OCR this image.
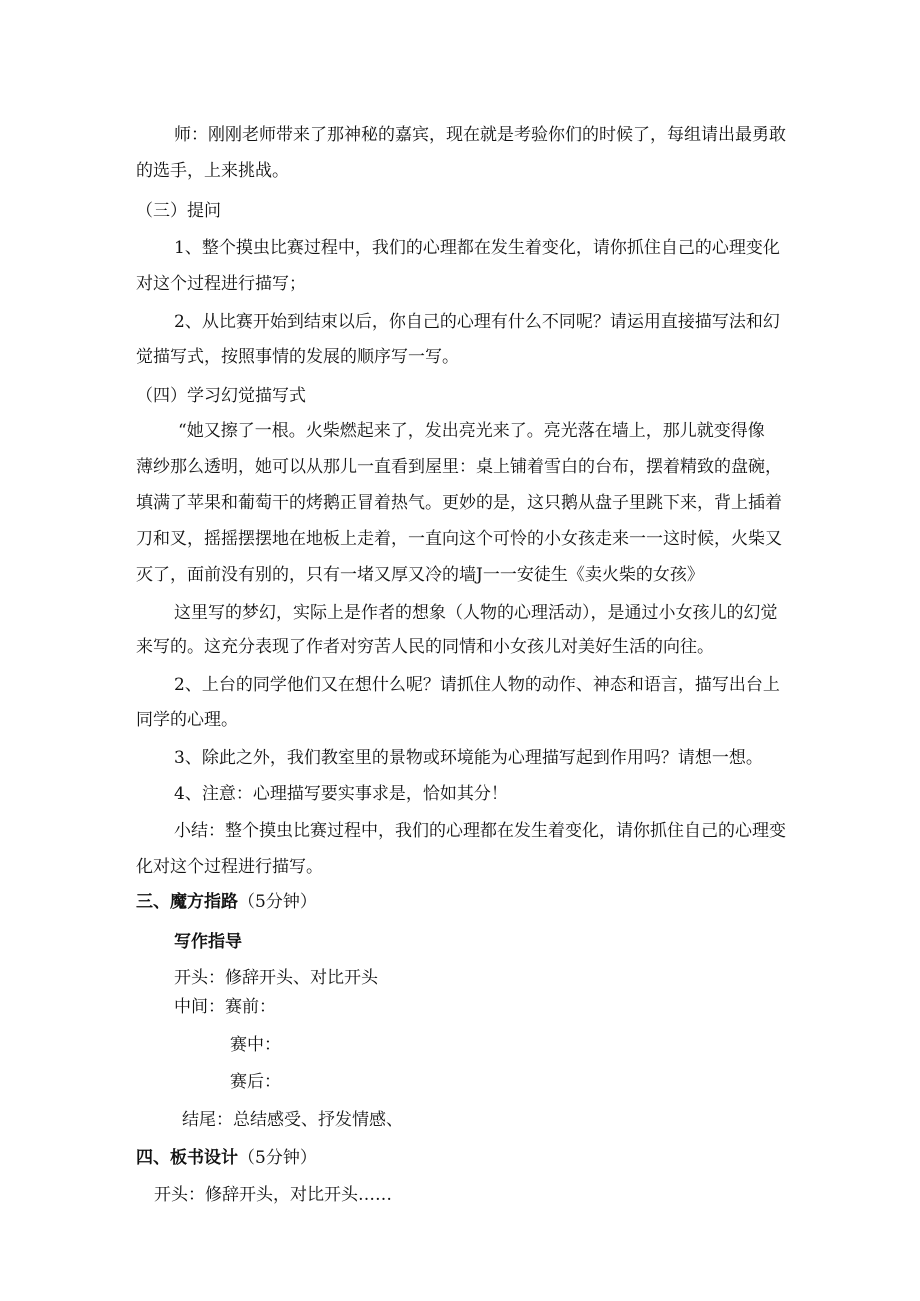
师：刚刚老师带来了那神秘的嘉宾，现在就是考验你们的时候了，每组请出最勇敢
的选手，上来挑战。
（三）提问
1、整个摸虫比赛过程中，我们的心理都在发生着变化，请你抓住自己的心理变化
对这个过程进行描写；
2、从比赛开始到结束以后，你自己的心理有什么不同呢？请运用直接描写法和幻
觉描写式，按照事情的发展的顺序写一写。
（四）学习幻觉描写式
“她又擦了一根。火柴燃起来了，发出亮光来了。亮光落在墙上，那儿就变得像
薄纱那么透明，她可以从那儿一直看到屋里：桌上铺着雪白的台布，摆着精致的盘碗，
填满了苹果和葡萄干的烤鹅正冒着热气。更妙的是，这只鹅从盘子里跳下来，背上插着
刀和叉，摇摇摆摆地在地板上走着，一直向这个可怜的小女孩走来一一这时候，火柴又
灭了，面前没有别的，只有一堵又厚又冷的墙J一一安徒生《卖火柴的女孩》
这里写的梦幻，实际上是作者的想象（人物的心理活动），是通过小女孩儿的幻觉
来写的。这充分表现了作者对穷苦人民的同情和小女孩儿对美好生活的向往。
2、上台的同学他们又在想什么呢？请抓住人物的动作、神态和语言，描写出台上
同学的心理。
3、除此之外，我们教室里的景物或环境能为心理描写起到作用吗？请想一想。
4、注意：心理描写要实事求是，恰如其分！
小结：整个摸虫比赛过程中，我们的心理都在发生着变化，请你抓住自己的心理变
化对这个过程进行描写。
三、魔方指路（5分钟）
写作指导
开头：修辞开头、对比开头
中间：赛前：
赛中：
赛后：
结尾：总结感受、抒发情感、
四、板书设计（5分钟）
开头：修辞开头，对比开头……
